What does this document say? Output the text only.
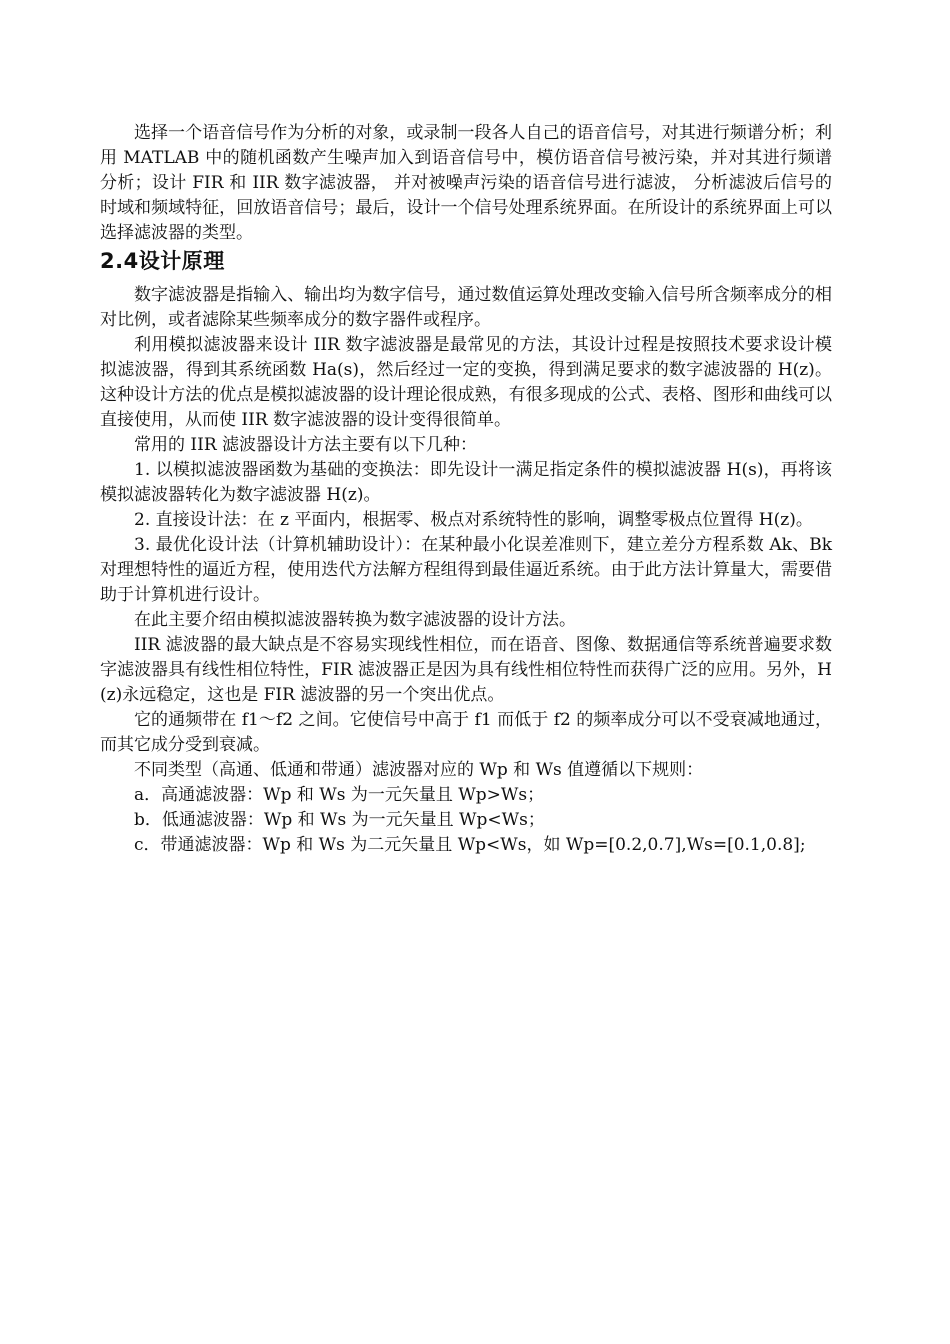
选择一个语音信号作为分析的对象，或录制一段各人自己的语音信号，对其进行频谱分析；利用 MATLAB 中的随机函数产生噪声加入到语音信号中，模仿语音信号被污染，并对其进行频谱分析；设计 FIR 和 IIR 数字滤波器， 并对被噪声污染的语音信号进行滤波， 分析滤波后信号的时域和频域特征，回放语音信号；最后，设计一个信号处理系统界面。在所设计的系统界面上可以选择滤波器的类型。

2.4设计原理

数字滤波器是指输入、输出均为数字信号，通过数值运算处理改变输入信号所含频率成分的相对比例，或者滤除某些频率成分的数字器件或程序。

利用模拟滤波器来设计 IIR 数字滤波器是最常见的方法，其设计过程是按照技术要求设计模拟滤波器，得到其系统函数 Ha(s)，然后经过一定的变换，得到满足要求的数字滤波器的 H(z)。这种设计方法的优点是模拟滤波器的设计理论很成熟，有很多现成的公式、表格、图形和曲线可以直接使用，从而使 IIR 数字滤波器的设计变得很简单。

常用的 IIR 滤波器设计方法主要有以下几种：

1. 以模拟滤波器函数为基础的变换法：即先设计一满足指定条件的模拟滤波器 H(s)，再将该模拟滤波器转化为数字滤波器 H(z)。

2. 直接设计法：在 z 平面内，根据零、极点对系统特性的影响，调整零极点位置得 H(z)。

3. 最优化设计法（计算机辅助设计）：在某种最小化误差准则下，建立差分方程系数 Ak、Bk 对理想特性的逼近方程，使用迭代方法解方程组得到最佳逼近系统。由于此方法计算量大，需要借助于计算机进行设计。

在此主要介绍由模拟滤波器转换为数字滤波器的设计方法。

IIR 滤波器的最大缺点是不容易实现线性相位，而在语音、图像、数据通信等系统普遍要求数字滤波器具有线性相位特性，FIR 滤波器正是因为具有线性相位特性而获得广泛的应用。另外，H(z)永远稳定，这也是 FIR 滤波器的另一个突出优点。

它的通频带在 f1～f2 之间。它使信号中高于 f1 而低于 f2 的频率成分可以不受衰减地通过，而其它成分受到衰减。

不同类型（高通、低通和带通）滤波器对应的 Wp 和 Ws 值遵循以下规则：

a．高通滤波器：Wp 和 Ws 为一元矢量且 Wp>Ws；

b．低通滤波器：Wp 和 Ws 为一元矢量且 Wp<Ws；

c．带通滤波器：Wp 和 Ws 为二元矢量且 Wp<Ws，如 Wp=[0.2,0.7],Ws=[0.1,0.8];
